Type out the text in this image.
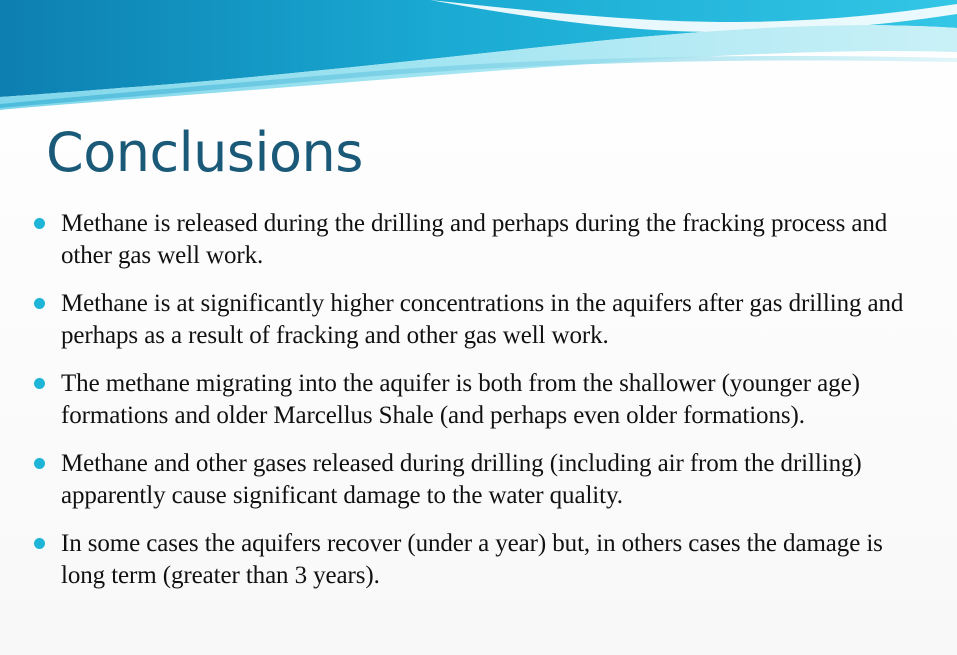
Conclusions
Methane is released during the drilling and perhaps during the fracking process and other gas well work.
Methane is at significantly higher concentrations in the aquifers after gas drilling and perhaps as a result of fracking and other gas well work.
The methane migrating into the aquifer is both from the shallower (younger age) formations and older Marcellus Shale (and perhaps even older formations).
Methane and other gases released during drilling (including air from the drilling) apparently cause significant damage to the water quality.
In some cases the aquifers recover (under a year) but, in others cases the damage is long term (greater than 3 years).
